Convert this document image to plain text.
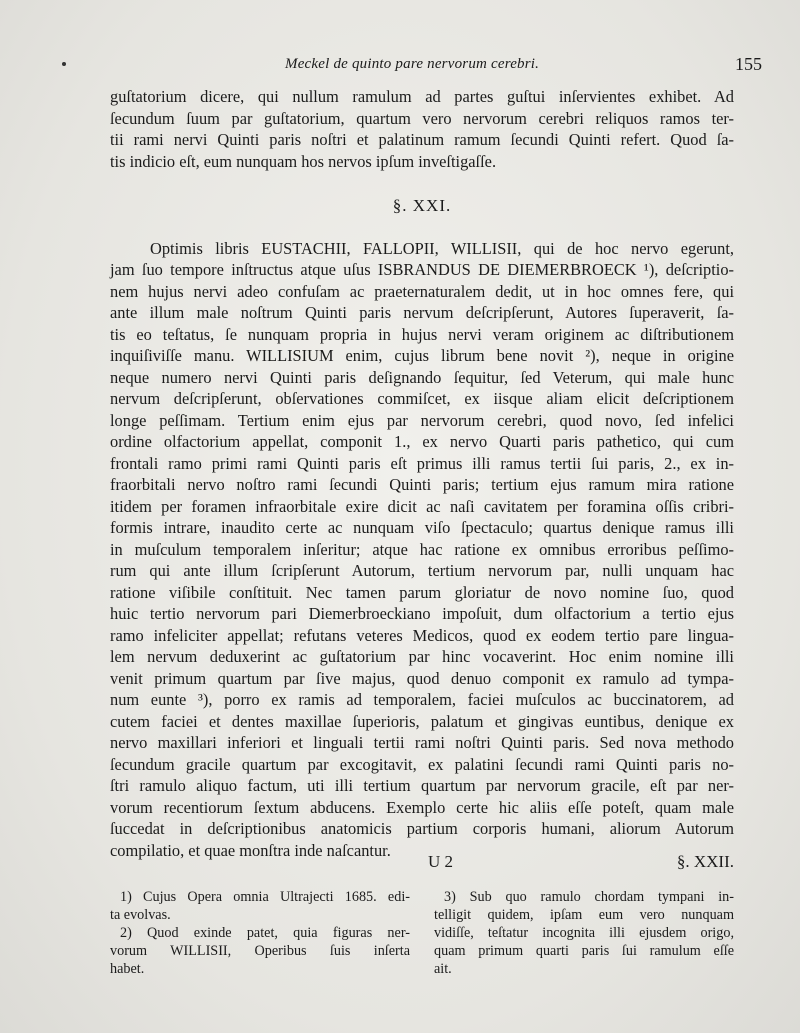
Meckel de quinto pare nervorum cerebri.	155
guſtatorium dicere, qui nullum ramulum ad partes guſtui inſervientes exhibet. Ad
ſecundum ſuum par guſtatorium, quartum vero nervorum cerebri reliquos ramos ter-
tii rami nervi Quinti paris noſtri et palatinum ramum ſecundi Quinti refert. Quod ſa-
tis indicio eſt, eum nunquam hos nervos ipſum inveſtigaſſe.
§. XXI.
Optimis libris EUSTACHII, FALLOPII, WILLISII, qui de hoc nervo egerunt,
jam ſuo tempore inſtructus atque uſus ISBRANDUS DE DIEMERBROECK ¹), deſcriptio-
nem hujus nervi adeo confuſam ac praeternaturalem dedit, ut in hoc omnes fere, qui
ante illum male noſtrum Quinti paris nervum deſcripſerunt, Autores ſuperaverit, ſa-
tis eo teſtatus, ſe nunquam propria in hujus nervi veram originem ac diſtributionem
inquiſiviſſe manu. WILLISIUM enim, cujus librum bene novit ²), neque in origine
neque numero nervi Quinti paris deſignando ſequitur, ſed Veterum, qui male hunc
nervum deſcripſerunt, obſervationes commiſcet, ex iisque aliam elicit deſcriptionem
longe peſſimam. Tertium enim ejus par nervorum cerebri, quod novo, ſed infelici
ordine olfactorium appellat, componit 1., ex nervo Quarti paris pathetico, qui cum
frontali ramo primi rami Quinti paris eſt primus illi ramus tertii ſui paris, 2., ex in-
fraorbitali nervo noſtro rami ſecundi Quinti paris; tertium ejus ramum mira ratione
itidem per foramen infraorbitale exire dicit ac naſi cavitatem per foramina oſſis cribri-
formis intrare, inaudito certe ac nunquam viſo ſpectaculo; quartus denique ramus illi
in muſculum temporalem inſeritur; atque hac ratione ex omnibus erroribus peſſimo-
rum qui ante illum ſcripſerunt Autorum, tertium nervorum par, nulli unquam hac
ratione viſibile conſtituit. Nec tamen parum gloriatur de novo nomine ſuo, quod
huic tertio nervorum pari Diemerbroeckiano impoſuit, dum olfactorium a tertio ejus
ramo infeliciter appellat; refutans veteres Medicos, quod ex eodem tertio pare lingua-
lem nervum deduxerint ac guſtatorium par hinc vocaverint. Hoc enim nomine illi
venit primum quartum par ſive majus, quod denuo componit ex ramulo ad tympa-
num eunte ³), porro ex ramis ad temporalem, faciei muſculos ac buccinatorem, ad
cutem faciei et dentes maxillae ſuperioris, palatum et gingivas euntibus, denique ex
nervo maxillari inferiori et linguali tertii rami noſtri Quinti paris. Sed nova methodo
ſecundum gracile quartum par excogitavit, ex palatini ſecundi rami Quinti paris no-
ſtri ramulo aliquo factum, uti illi tertium quartum par nervorum gracile, eſt par ner-
vorum recentiorum ſextum abducens. Exemplo certe hic aliis eſſe poteſt, quam male
ſuccedat in deſcriptionibus anatomicis partium corporis humani, aliorum Autorum
compilatio, et quae monſtra inde naſcantur.
U 2	§. XXII.
1) Cujus Opera omnia Ultrajecti 1685. edi-
ta evolvas.
2) Quod exinde patet, quia figuras ner-
vorum WILLISII, Operibus ſuis inſerta
habet.
3) Sub quo ramulo chordam tympani in-
telligit quidem, ipſam eum vero nunquam
vidiſſe, teſtatur incognita illi ejusdem origo,
quam primum quarti paris ſui ramulum eſſe
ait.
